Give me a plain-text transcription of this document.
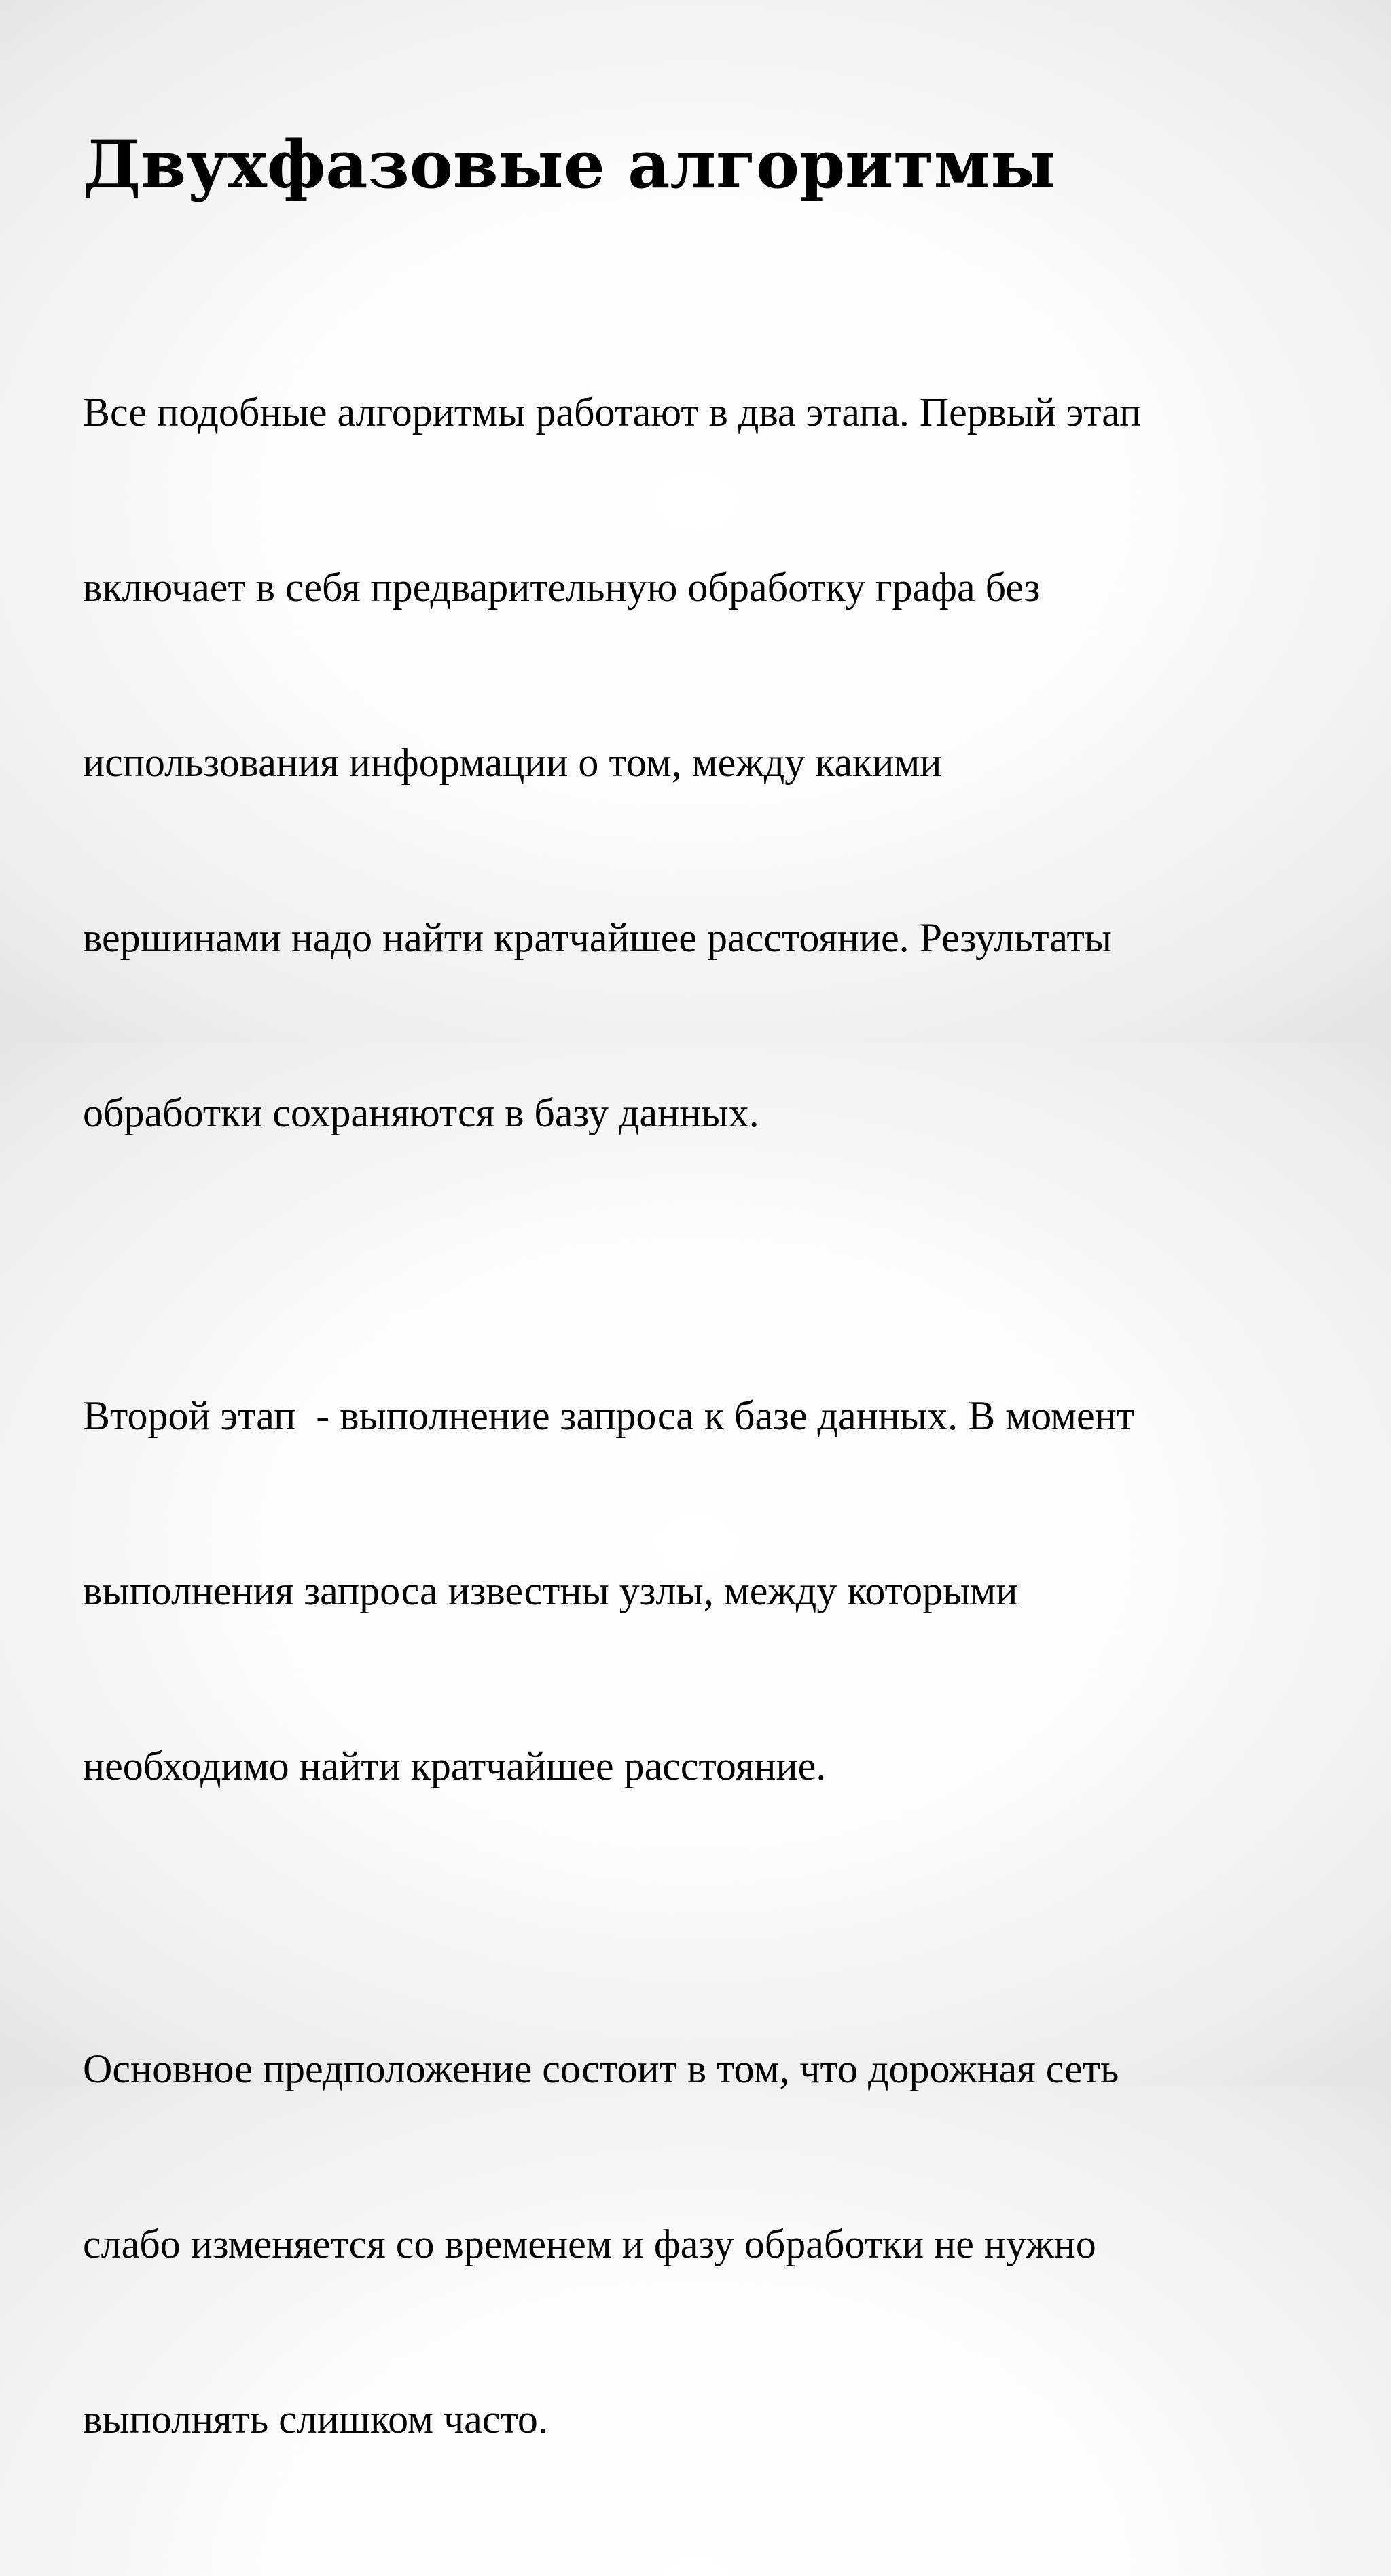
Двухфазовые алгоритмы

Все подобные алгоритмы работают в два этапа. Первый этап

включает в себя предварительную обработку графа без

использования информации о том, между какими

вершинами надо найти кратчайшее расстояние. Результаты

обработки сохраняются в базу данных.

Второй этап  - выполнение запроса к базе данных. В момент

выполнения запроса известны узлы, между которыми

необходимо найти кратчайшее расстояние.

Основное предположение состоит в том, что дорожная сеть

слабо изменяется со временем и фазу обработки не нужно

выполнять слишком часто.
